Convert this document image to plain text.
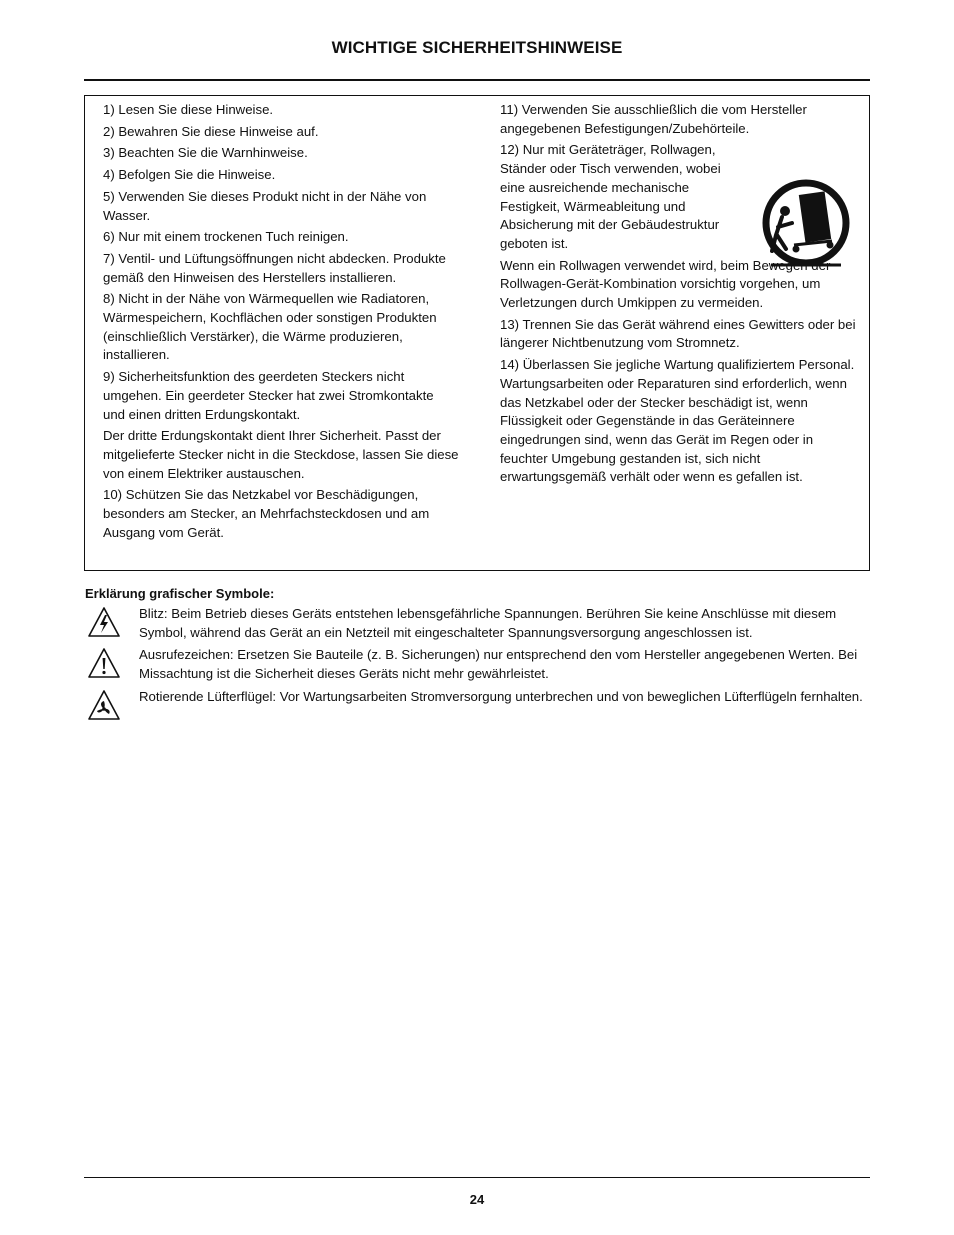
WICHTIGE SICHERHEITSHINWEISE

1) Lesen Sie diese Hinweise.

2) Bewahren Sie diese Hinweise auf.

3) Beachten Sie die Warnhinweise.

4) Befolgen Sie die Hinweise.

5) Verwenden Sie dieses Produkt nicht in der Nähe von Wasser.

6) Nur mit einem trockenen Tuch reinigen.

7) Ventil- und Lüftungsöffnungen nicht abdecken. Produkte gemäß den Hinweisen des Herstellers installieren.

8) Nicht in der Nähe von Wärmequellen wie Radiatoren, Wärmespeichern, Kochflächen oder sonstigen Produkten (einschließlich Verstärker), die Wärme produzieren, installieren.

9) Sicherheitsfunktion des geerdeten Steckers nicht umgehen. Ein geerdeter Stecker hat zwei Stromkontakte und einen dritten Erdungskontakt.

Der dritte Erdungskontakt dient Ihrer Sicherheit. Passt der mitgelieferte Stecker nicht in die Steckdose, lassen Sie diese von einem Elektriker austauschen.

10) Schützen Sie das Netzkabel vor Beschädigungen, besonders am Stecker, an Mehrfachsteckdosen und am Ausgang vom Gerät.

11) Verwenden Sie ausschließlich die vom Hersteller angegebenen Befestigungen/Zubehörteile.

12) Nur mit Geräteträger, Rollwagen, Ständer oder Tisch verwenden, wobei eine ausreichende mechanische Festigkeit, Wärmeableitung und Absicherung mit der Gebäudestruktur geboten ist.

Wenn ein Rollwagen verwendet wird, beim Bewegen der Rollwagen-Gerät-Kombination vorsichtig vorgehen, um Verletzungen durch Umkippen zu vermeiden.

13) Trennen Sie das Gerät während eines Gewitters oder bei längerer Nichtbenutzung vom Stromnetz.

14) Überlassen Sie jegliche Wartung qualifiziertem Personal. Wartungsarbeiten oder Reparaturen sind erforderlich, wenn das Netzkabel oder der Stecker beschädigt ist, wenn Flüssigkeit oder Gegenstände in das Geräteinnere eingedrungen sind, wenn das Gerät im Regen oder in feuchter Umgebung gestanden ist, sich nicht erwartungsgemäß verhält oder wenn es gefallen ist.

Erklärung grafischer Symbole:
Blitz: Beim Betrieb dieses Geräts entstehen lebensgefährliche Spannungen. Berühren Sie keine Anschlüsse mit diesem Symbol, während das Gerät an ein Netzteil mit eingeschalteter Spannungsversorgung angeschlossen ist.
Ausrufezeichen: Ersetzen Sie Bauteile (z. B. Sicherungen) nur entsprechend den vom Hersteller angegebenen Werten. Bei Missachtung ist die Sicherheit dieses Geräts nicht mehr gewährleistet.
Rotierende Lüfterflügel: Vor Wartungsarbeiten Stromversorgung unterbrechen und von beweglichen Lüfterflügeln fernhalten.
24
